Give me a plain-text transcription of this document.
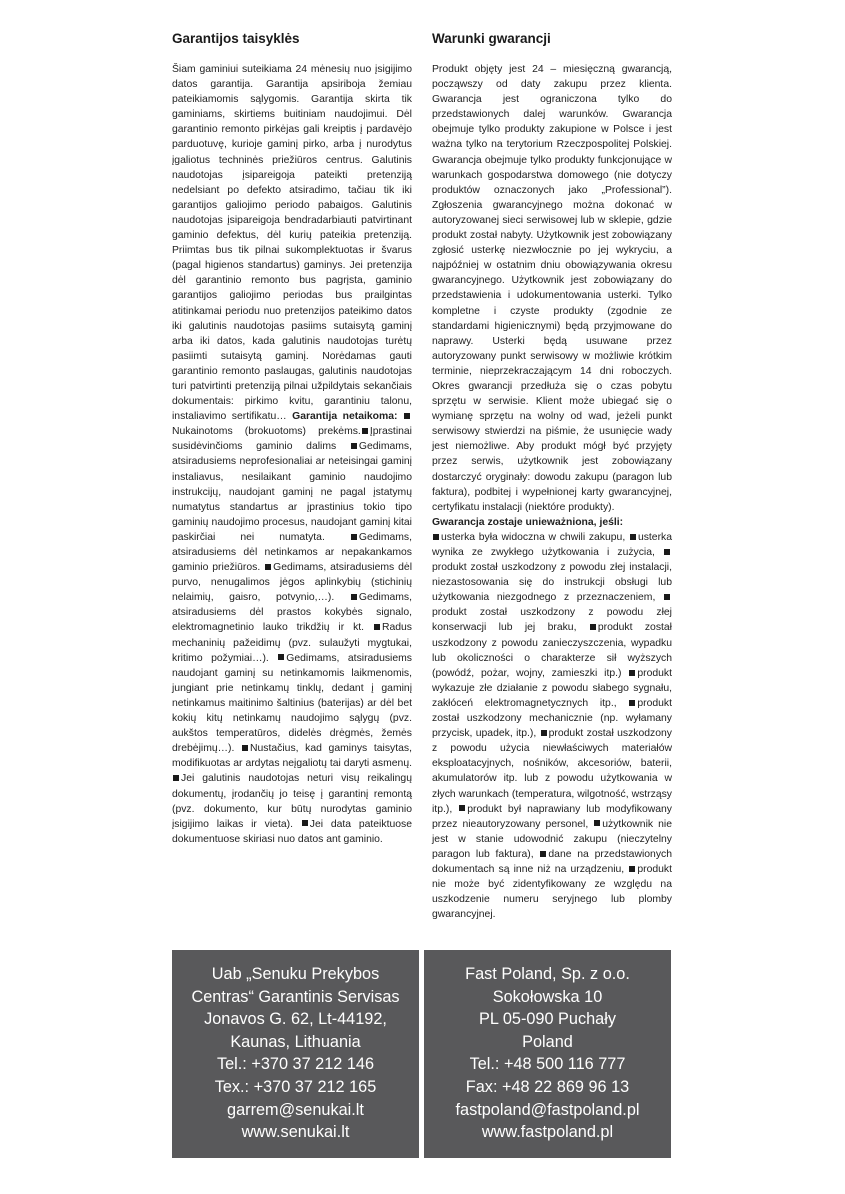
Garantijos taisyklės

Šiam gaminiui suteikiama 24 mėnesių nuo įsigijimo datos garantija. Garantija apsiriboja žemiau pateikiamomis sąlygomis. Garantija skirta tik gaminiams, skirtiems buitiniam naudojimui. Dėl garantinio remonto pirkėjas gali kreiptis į pardavėjo parduotuvę, kurioje gaminį pirko, arba į nurodytus įgaliotus techninės priežiūros centrus. Galutinis naudotojas įsipareigoja pateikti pretenziją nedelsiant po defekto atsiradimo, tačiau tik iki garantijos galiojimo periodo pabaigos. Galutinis naudotojas įsipareigoja bendradarbiauti patvirtinant gaminio defektus, dėl kurių pateikia pretenziją. Priimtas bus tik pilnai sukomplektuotas ir švarus (pagal higienos standartus) gaminys. Jei pretenzija dėl garantinio remonto bus pagrįsta, gaminio garantijos galiojimo periodas bus prailgintas atitinkamai periodu nuo pretenzijos pateikimo datos iki galutinis naudotojas pasiims sutaisytą gaminį arba iki datos, kada galutinis naudotojas turėtų pasiimti sutaisytą gaminį. Norėdamas gauti garantinio remonto paslaugas, galutinis naudotojas turi patvirtinti pretenziją pilnai užpildytais sekančiais dokumentais: pirkimo kvitu, garantiniu talonu, instaliavimo sertifikatu… Garantija netaikoma: Nukainotoms (brokuotoms) prekėms. Įprastinai susidėvinčioms gaminio dalims Gedimams, atsiradusiems neprofesionaliai ar neteisingai gaminį instaliavus, nesilaikant gaminio naudojimo instrukcijų, naudojant gaminį ne pagal įstatymų numatytus standartus ar įprastinius tokio tipo gaminių naudojimo procesus, naudojant gaminį kitai paskirčiai nei numatyta.	Gedimams, atsiradusiems dėl netinkamos ar nepakankamos gaminio priežiūros. Gedimams, atsiradusiems dėl purvo, nenugalimos jėgos aplinkybių (stichinių nelaimių, gaisro, potvynio,…). Gedimams, atsiradusiems dėl prastos kokybės signalo, elektromagnetinio lauko trikdžių ir kt. Radus mechaninių pažeidimų (pvz. sulaužyti mygtukai, kritimo požymiai…). Gedimams, atsiradusiems naudojant gaminį su netinkamomis laikmenomis, jungiant prie netinkamų tinklų, dedant į gaminį netinkamus maitinimo šaltinius (baterijas) ar dėl bet kokių kitų netinkamų naudojimo sąlygų (pvz. aukštos temperatūros, didelės drėgmės, žemės drebėjimų…). Nustačius, kad gaminys taisytas, modifikuotas ar ardytas neįgaliotų tai daryti asmenų. Jei galutinis naudotojas neturi visų reikalingų dokumentų, įrodančių jo teisę į garantinį remontą (pvz. dokumento, kur būtų nurodytas gaminio įsigijimo laikas ir vieta). Jei data pateiktuose dokumentuose skiriasi nuo datos ant gaminio.

Warunki gwarancji

Produkt objęty jest 24 – miesięczną gwarancją, począwszy od daty zakupu przez klienta. Gwarancja jest ograniczona tylko do przedstawionych dalej warunków. Gwarancja obejmuje tylko produkty zakupione w Polsce i jest ważna tylko na terytorium Rzeczpospolitej Polskiej. Gwarancja obejmuje tylko produkty funkcjonujące w warunkach gospodarstwa domowego (nie dotyczy produktów oznaczonych jako „Professional”). Zgłoszenia gwarancyjnego można dokonać w autoryzowanej sieci serwisowej lub w sklepie, gdzie produkt został nabyty. Użytkownik jest zobowiązany zgłosić usterkę niezwłocznie po jej wykryciu, a najpóźniej w ostatnim dniu obowiązywania okresu gwarancyjnego. Użytkownik jest zobowiązany do przedstawienia i udokumentowania usterki. Tylko kompletne i czyste produkty (zgodnie ze standardami higienicznymi) będą przyjmowane do naprawy. Usterki będą usuwane przez autoryzowany punkt serwisowy w możliwie krótkim terminie, nieprzekraczającym 14 dni roboczych. Okres gwarancji przedłuża się o czas pobytu sprzętu w serwisie. Klient może ubiegać się o wymianę sprzętu na wolny od wad, jeżeli punkt serwisowy stwierdzi na piśmie, że usunięcie wady jest niemożliwe. Aby produkt mógł być przyjęty przez serwis, użytkownik jest zobowiązany dostarczyć oryginały: dowodu zakupu (paragon lub faktura), podbitej i wypełnionej karty gwarancyjnej, certyfikatu instalacji (niektóre produkty).
Gwarancja zostaje unieważniona, jeśli:
usterka była widoczna w chwili zakupu, usterka wynika ze zwykłego użytkowania i zużycia, produkt został uszkodzony z powodu złej instalacji, niezastosowania się do instrukcji obsługi lub użytkowania niezgodnego z przeznaczeniem, produkt został uszkodzony z powodu złej konserwacji lub jej braku, produkt został uszkodzony z powodu zanieczyszczenia, wypadku lub okoliczności o charakterze sił wyższych (powódź, pożar, wojny, zamieszki itp.) produkt wykazuje złe działanie z powodu słabego sygnału, zakłóceń elektromagnetycznych itp., produkt został uszkodzony mechanicznie (np. wyłamany przycisk, upadek, itp.), produkt został uszkodzony z powodu użycia niewłaściwych materiałów eksploatacyjnych, nośników, akcesoriów, baterii, akumulatorów itp. lub z powodu użytkowania w złych warunkach (temperatura, wilgotność, wstrząsy itp.), produkt był naprawiany lub modyfikowany przez nieautoryzowany personel, użytkownik nie jest w stanie udowodnić zakupu (nieczytelny paragon lub faktura), dane na przedstawionych dokumentach są inne niż na urządzeniu, produkt nie może być zidentyfikowany ze względu na uszkodzenie numeru seryjnego lub plomby gwarancyjnej.

Uab „Senuku Prekybos
Centras“ Garantinis Servisas
Jonavos G. 62, Lt-44192,
Kaunas, Lithuania
Tel.: +370 37 212 146
Tex.: +370 37 212 165
garrem@senukai.lt
www.senukai.lt
Fast Poland, Sp. z o.o.
Sokołowska 10
PL 05-090 Puchały
Poland
Tel.: +48 500 116 777
Fax: +48 22 869 96 13
fastpoland@fastpoland.pl
www.fastpoland.pl
